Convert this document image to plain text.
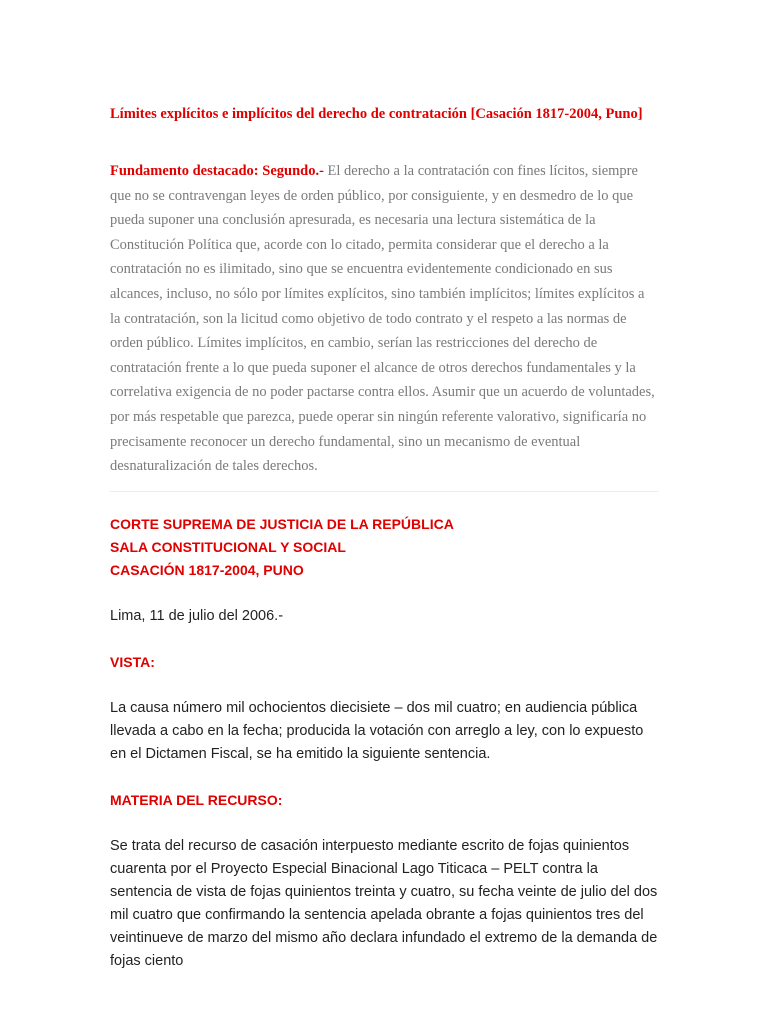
Límites explícitos e implícitos del derecho de contratación [Casación 1817-2004, Puno]
Fundamento destacado: Segundo.- El derecho a la contratación con fines lícitos, siempre que no se contravengan leyes de orden público, por consiguiente, y en desmedro de lo que pueda suponer una conclusión apresurada, es necesaria una lectura sistemática de la Constitución Política que, acorde con lo citado, permita considerar que el derecho a la contratación no es ilimitado, sino que se encuentra evidentemente condicionado en sus alcances, incluso, no sólo por límites explícitos, sino también implícitos; límites explícitos a la contratación, son la licitud como objetivo de todo contrato y el respeto a las normas de orden público. Límites implícitos, en cambio, serían las restricciones del derecho de contratación frente a lo que pueda suponer el alcance de otros derechos fundamentales y la correlativa exigencia de no poder pactarse contra ellos. Asumir que un acuerdo de voluntades, por más respetable que parezca, puede operar sin ningún referente valorativo, significaría no precisamente reconocer un derecho fundamental, sino un mecanismo de eventual desnaturalización de tales derechos.
CORTE SUPREMA DE JUSTICIA DE LA REPÚBLICA
SALA CONSTITUCIONAL Y SOCIAL
CASACIÓN 1817-2004, PUNO
Lima, 11 de julio del 2006.-
VISTA:
La causa número mil ochocientos diecisiete – dos mil cuatro; en audiencia pública llevada a cabo en la fecha; producida la votación con arreglo a ley, con lo expuesto en el Dictamen Fiscal, se ha emitido la siguiente sentencia.
MATERIA DEL RECURSO:
Se trata del recurso de casación interpuesto mediante escrito de fojas quinientos cuarenta por el Proyecto Especial Binacional Lago Titicaca – PELT contra la sentencia de vista de fojas quinientos treinta y cuatro, su fecha veinte de julio del dos mil cuatro que confirmando la sentencia apelada obrante a fojas quinientos tres del veintinueve de marzo del mismo año declara infundado el extremo de la demanda de fojas ciento
